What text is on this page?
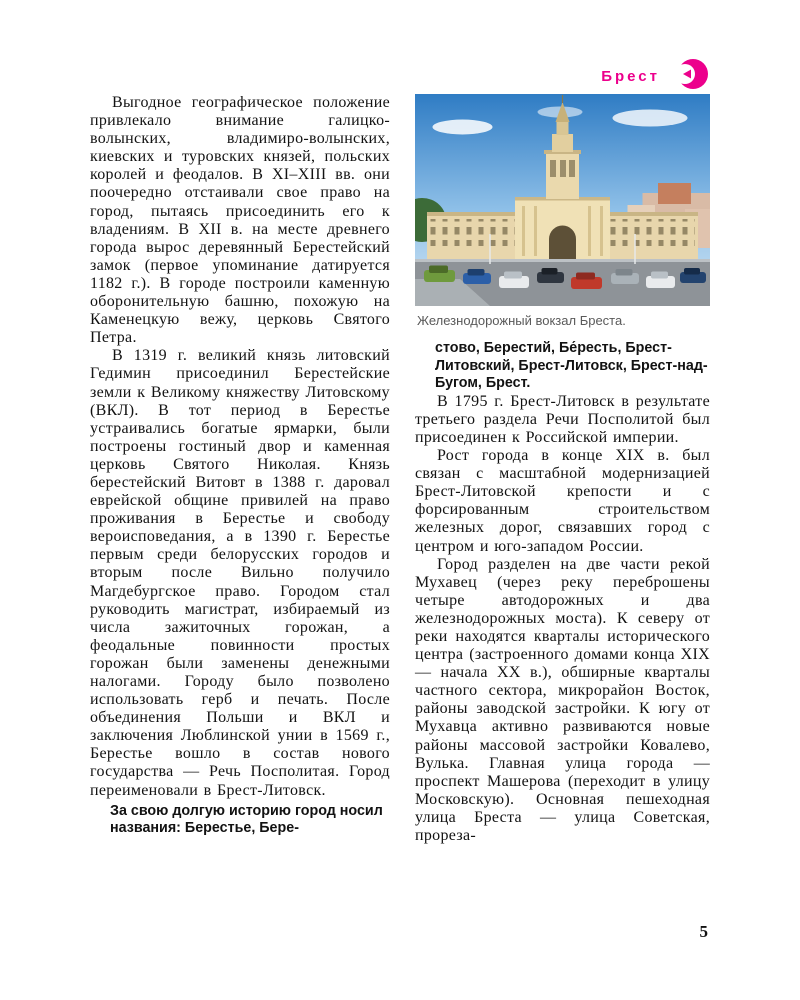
Брест

Выгодное географическое положение привлекало внимание галицко-волынских, владимиро-волынских, киевских и туровских князей, польских королей и феодалов. В XI–XIII вв. они поочередно отстаивали свое право на город, пытаясь присоединить его к владениям. В XII в. на месте древнего города вырос деревянный Берестейский замок (первое упоминание датируется 1182 г.). В городе построили каменную оборонительную башню, похожую на Каменецкую вежу, церковь Святого Петра.

В 1319 г. великий князь литовский Гедимин присоединил Берестейские земли к Великому княжеству Литовскому (ВКЛ). В тот период в Берестье устраивались богатые ярмарки, были построены гостиный двор и каменная церковь Святого Николая. Князь берестейский Витовт в 1388 г. даровал еврейской общине привилей на право проживания в Берестье и свободу вероисповедания, а в 1390 г. Берестье первым среди белорусских городов и вторым после Вильно получило Магдебургское право. Городом стал руководить магистрат, избираемый из числа зажиточных горожан, а феодальные повинности простых горожан были заменены денежными налогами. Городу было позволено использовать герб и печать. После объединения Польши и ВКЛ и заключения Люблинской унии в 1569 г., Берестье вошло в состав нового государства — Речь Посполитая. Город переименовали в Брест-Литовск.

За свою долгую историю город носил названия: Берестье, Бере-

Железнодорожный вокзал Бреста.

стово, Берестий, Бе́ресть, Брест-Литовский, Брест-Литовск, Брест-над-Бугом, Брест.

В 1795 г. Брест-Литовск в результате третьего раздела Речи Посполитой был присоединен к Российской империи.

Рост города в конце XIX в. был связан с масштабной модернизацией Брест-Литовской крепости и с форсированным строительством железных дорог, связавших город с центром и юго-западом России.

Город разделен на две части рекой Мухавец (через реку переброшены четыре автодорожных и два железнодорожных моста). К северу от реки находятся кварталы исторического центра (застроенного домами конца XIX — начала XX в.), обширные кварталы частного сектора, микрорайон Восток, районы заводской застройки. К югу от Мухавца активно развиваются новые районы массовой застройки Ковалево, Вулька. Главная улица города — проспект Машерова (переходит в улицу Московскую). Основная пешеходная улица Бреста — улица Советская, прореза-

5
